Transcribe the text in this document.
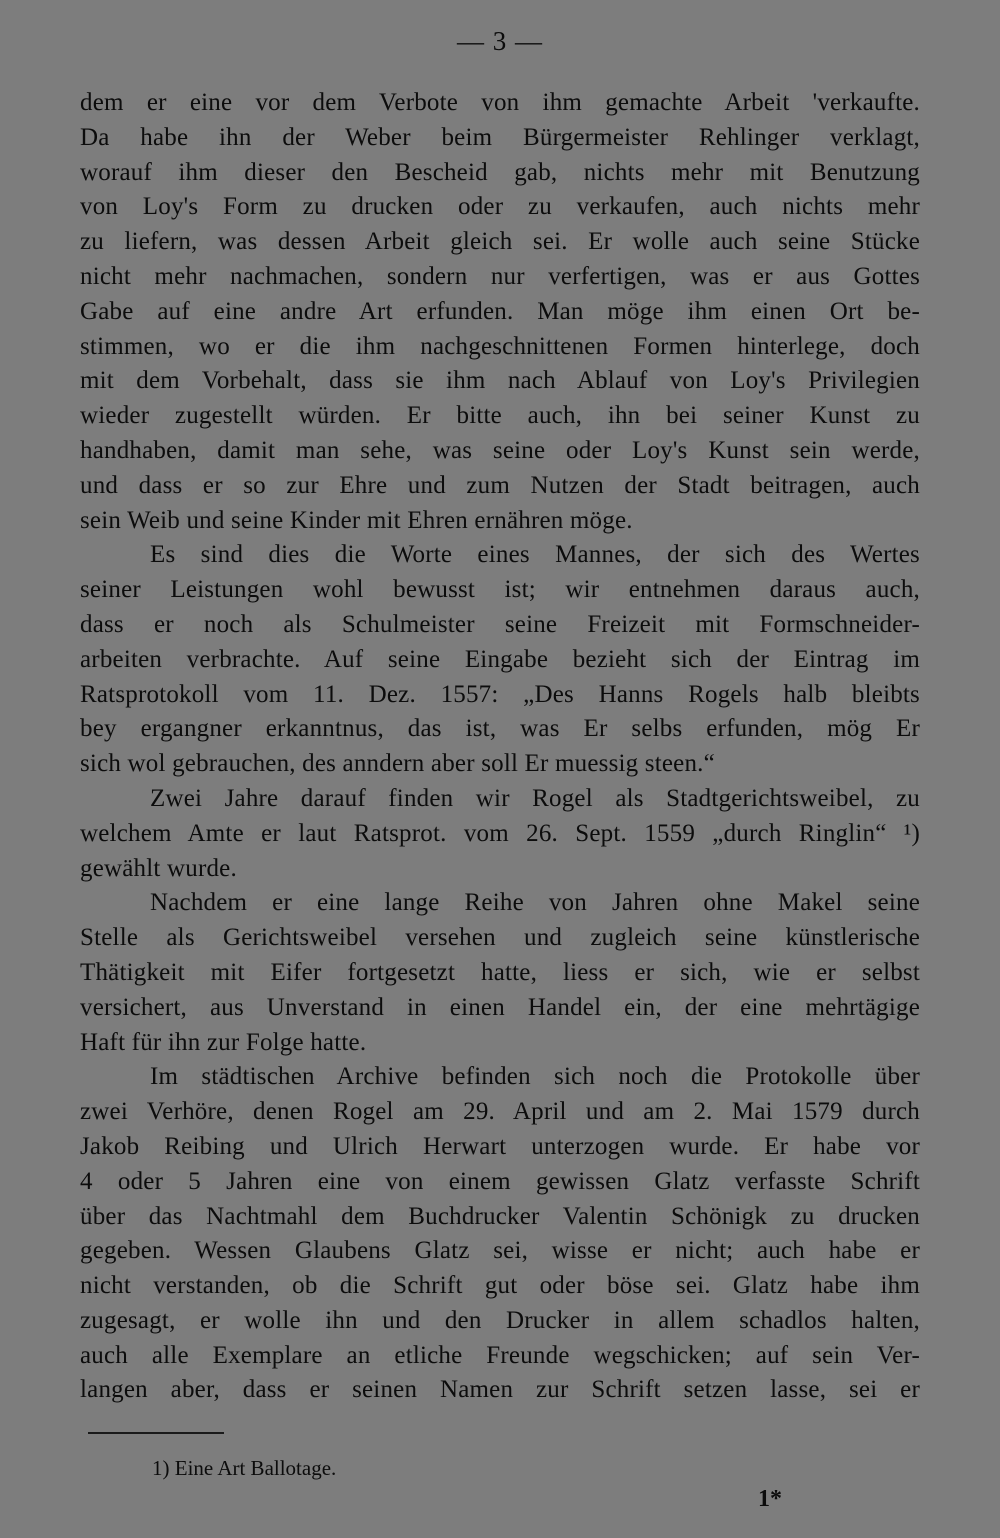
— 3 —
dem er eine vor dem Verbote von ihm gemachte Arbeit 'verkaufte.
Da habe ihn der Weber beim Bürgermeister Rehlinger verklagt,
worauf ihm dieser den Bescheid gab, nichts mehr mit Benutzung
von Loy's Form zu drucken oder zu verkaufen, auch nichts mehr
zu liefern, was dessen Arbeit gleich sei. Er wolle auch seine Stücke
nicht mehr nachmachen, sondern nur verfertigen, was er aus Gottes
Gabe auf eine andre Art erfunden. Man möge ihm einen Ort be-
stimmen, wo er die ihm nachgeschnittenen Formen hinterlege, doch
mit dem Vorbehalt, dass sie ihm nach Ablauf von Loy's Privilegien
wieder zugestellt würden. Er bitte auch, ihn bei seiner Kunst zu
handhaben, damit man sehe, was seine oder Loy's Kunst sein werde,
und dass er so zur Ehre und zum Nutzen der Stadt beitragen, auch
sein Weib und seine Kinder mit Ehren ernähren möge.
Es sind dies die Worte eines Mannes, der sich des Wertes
seiner Leistungen wohl bewusst ist; wir entnehmen daraus auch,
dass er noch als Schulmeister seine Freizeit mit Formschneider-
arbeiten verbrachte. Auf seine Eingabe bezieht sich der Eintrag im
Ratsprotokoll vom 11. Dez. 1557: „Des Hanns Rogels halb bleibts
bey ergangner erkanntnus, das ist, was Er selbs erfunden, mög Er
sich wol gebrauchen, des anndern aber soll Er muessig steen.“
Zwei Jahre darauf finden wir Rogel als Stadtgerichtsweibel, zu
welchem Amte er laut Ratsprot. vom 26. Sept. 1559 „durch Ringlin“ ¹)
gewählt wurde.
Nachdem er eine lange Reihe von Jahren ohne Makel seine
Stelle als Gerichtsweibel versehen und zugleich seine künstlerische
Thätigkeit mit Eifer fortgesetzt hatte, liess er sich, wie er selbst
versichert, aus Unverstand in einen Handel ein, der eine mehrtägige
Haft für ihn zur Folge hatte.
Im städtischen Archive befinden sich noch die Protokolle über
zwei Verhöre, denen Rogel am 29. April und am 2. Mai 1579 durch
Jakob Reibing und Ulrich Herwart unterzogen wurde. Er habe vor
4 oder 5 Jahren eine von einem gewissen Glatz verfasste Schrift
über das Nachtmahl dem Buchdrucker Valentin Schönigk zu drucken
gegeben. Wessen Glaubens Glatz sei, wisse er nicht; auch habe er
nicht verstanden, ob die Schrift gut oder böse sei. Glatz habe ihm
zugesagt, er wolle ihn und den Drucker in allem schadlos halten,
auch alle Exemplare an etliche Freunde wegschicken; auf sein Ver-
langen aber, dass er seinen Namen zur Schrift setzen lasse, sei er
1) Eine Art Ballotage.
1*
